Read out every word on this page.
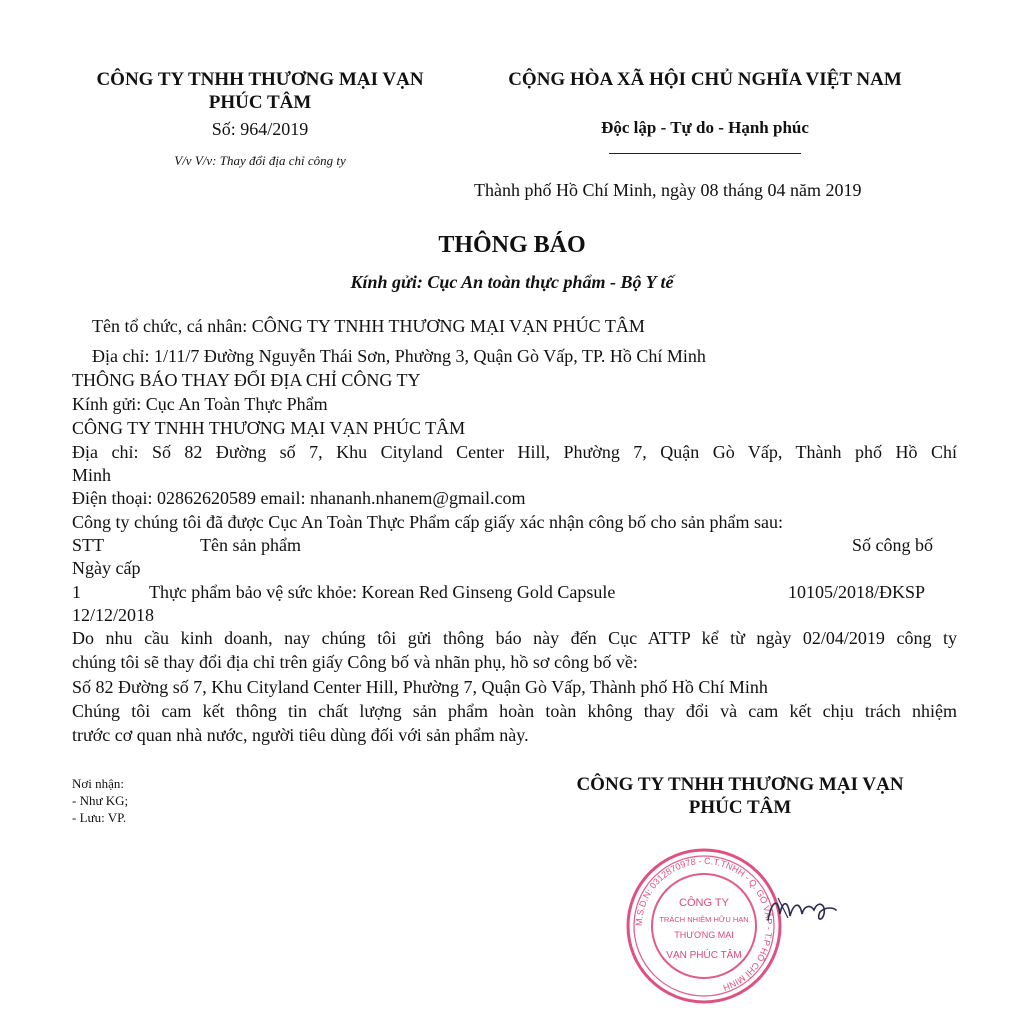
CÔNG TY TNHH THƯƠNG MẠI VẠN
PHÚC TÂM
Số: 964/2019
V/v V/v: Thay đổi địa chỉ công ty
CỘNG HÒA XÃ HỘI CHỦ NGHĨA VIỆT NAM
Độc lập - Tự do - Hạnh phúc
Thành phố Hồ Chí Minh, ngày 08 tháng 04 năm 2019
THÔNG BÁO
Kính gửi: Cục An toàn thực phẩm - Bộ Y tế
Tên tổ chức, cá nhân: CÔNG TY TNHH THƯƠNG MẠI VẠN PHÚC TÂM
Địa chỉ: 1/11/7 Đường Nguyễn Thái Sơn, Phường 3, Quận Gò Vấp, TP. Hồ Chí Minh
THÔNG BÁO THAY ĐỔI ĐỊA CHỈ CÔNG TY
Kính gửi: Cục An Toàn Thực Phẩm
CÔNG TY TNHH THƯƠNG MẠI VẠN PHÚC TÂM
Địa chỉ: Số 82 Đường số 7, Khu Cityland Center Hill, Phường 7, Quận Gò Vấp, Thành phố Hồ Chí
Minh
Điện thoại: 02862620589 email: nhananh.nhanem@gmail.com
Công ty chúng tôi đã được Cục An Toàn Thực Phẩm cấp giấy xác nhận công bố cho sản phẩm sau:
STT	Tên sản phẩm	Số công bố
Ngày cấp
1	Thực phẩm bảo vệ sức khỏe: Korean Red Ginseng Gold Capsule	10105/2018/ĐKSP
12/12/2018
Do nhu cầu kinh doanh, nay chúng tôi gửi thông báo này đến Cục ATTP kể từ ngày 02/04/2019 công ty
chúng tôi sẽ thay đổi địa chỉ trên giấy Công bố và nhãn phụ, hồ sơ công bố về:
Số 82 Đường số 7, Khu Cityland Center Hill, Phường 7, Quận Gò Vấp, Thành phố Hồ Chí Minh
Chúng tôi cam kết thông tin chất lượng sản phẩm hoàn toàn không thay đổi và cam kết chịu trách nhiệm
trước cơ quan nhà nước, người tiêu dùng đối với sản phẩm này.
Nơi nhận:
- Như KG;
- Lưu: VP.
CÔNG TY TNHH THƯƠNG MẠI VẠN
PHÚC TÂM
M.S.D.N: 0312870978 - C.T.TNHH - Q. GÒ VẤP - T.P HỒ CHÍ MINH
CÔNG TY
TRÁCH NHIỆM HỮU HẠN
THƯƠNG MẠI
VẠN PHÚC TÂM
